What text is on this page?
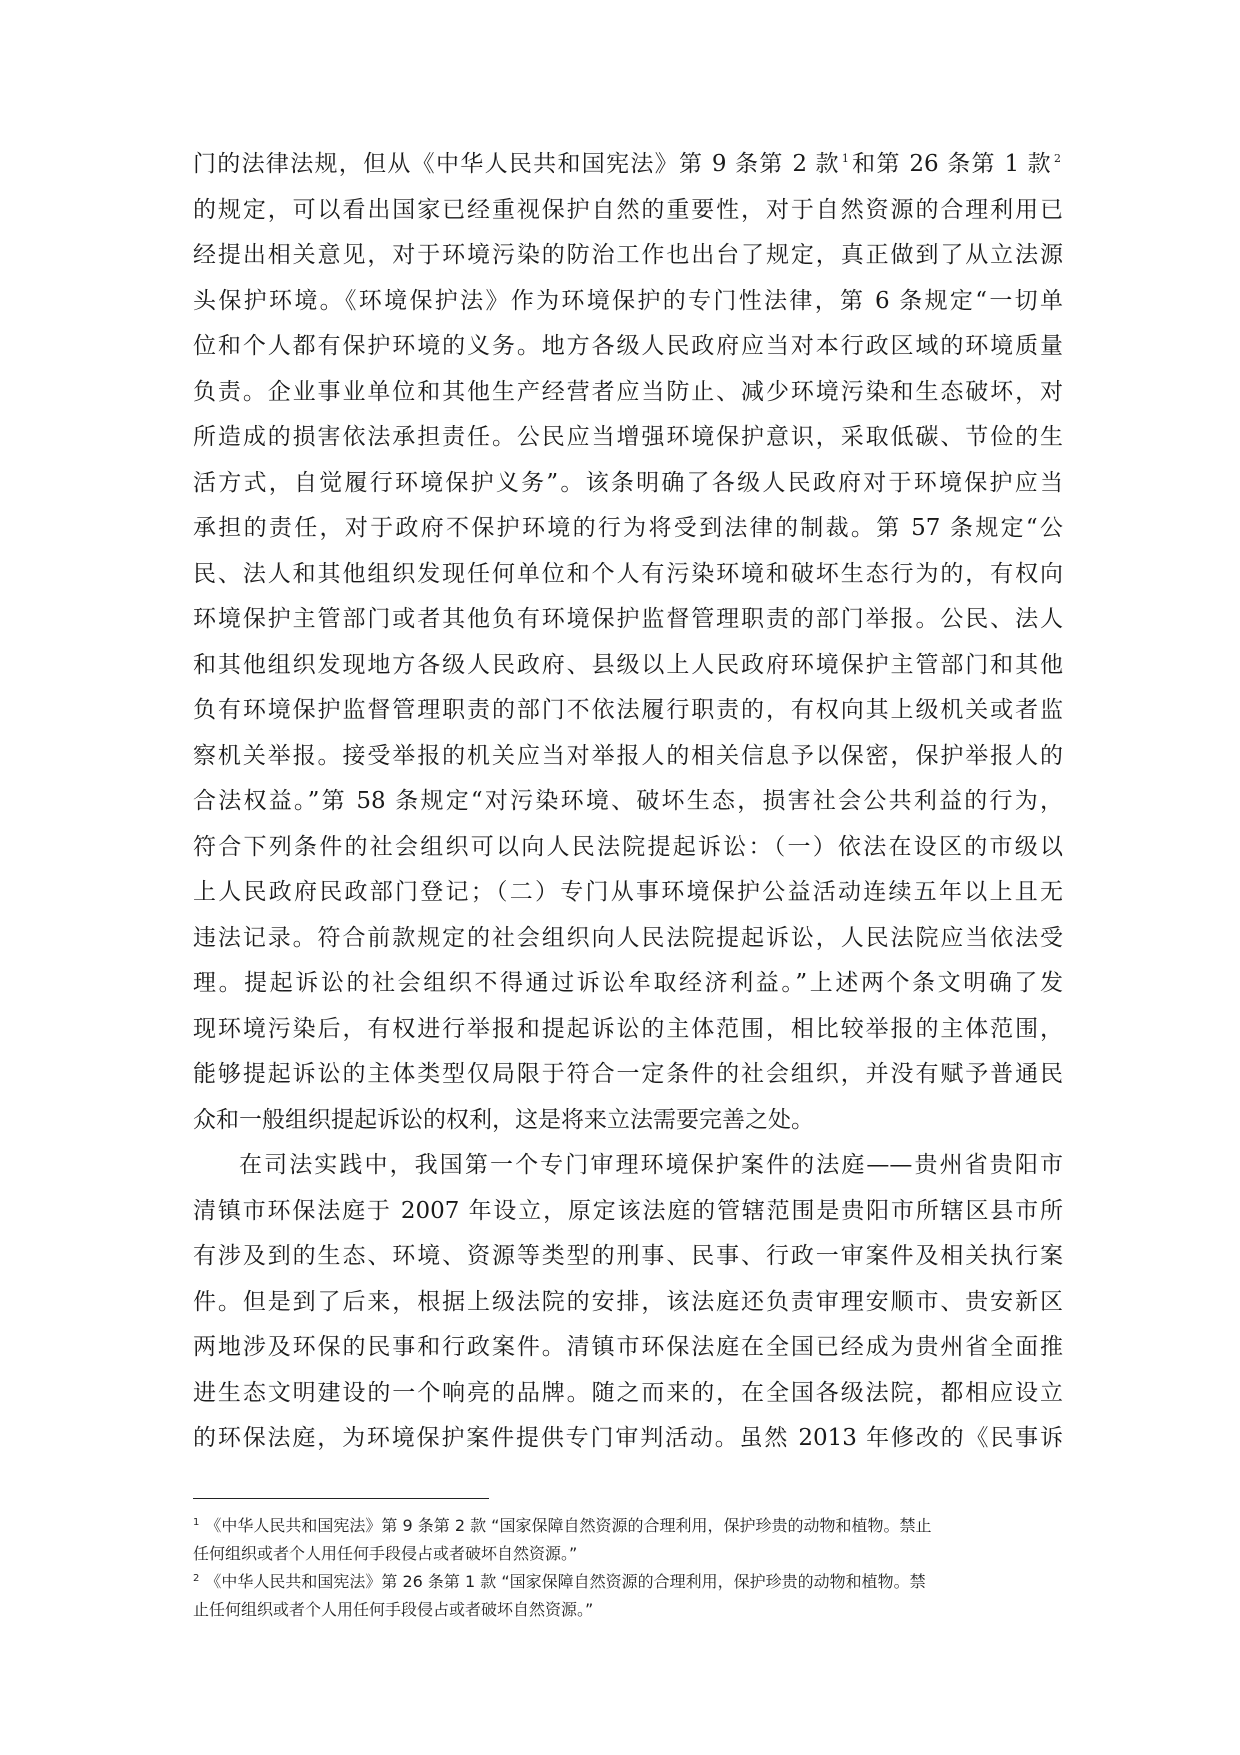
门的法律法规，但从《中华人民共和国宪法》第 9 条第 2 款 $^1$和第 26 条第 1 款 $^2$
的规定，可以看出国家已经重视保护自然的重要性，对于自然资源的合理利用已
经提出相关意见，对于环境污染的防治工作也出台了规定，真正做到了从立法源
头保护环境。《环境保护法》作为环境保护的专门性法律，第 6 条规定“一切单
位和个人都有保护环境的义务。地方各级人民政府应当对本行政区域的环境质量
负责。企业事业单位和其他生产经营者应当防止、减少环境污染和生态破坏，对
所造成的损害依法承担责任。公民应当增强环境保护意识，采取低碳、节俭的生
活方式，自觉履行环境保护义务”。该条明确了各级人民政府对于环境保护应当
承担的责任，对于政府不保护环境的行为将受到法律的制裁。第 57 条规定“公
民、法人和其他组织发现任何单位和个人有污染环境和破坏生态行为的，有权向
环境保护主管部门或者其他负有环境保护监督管理职责的部门举报。公民、法人
和其他组织发现地方各级人民政府、县级以上人民政府环境保护主管部门和其他
负有环境保护监督管理职责的部门不依法履行职责的，有权向其上级机关或者监
察机关举报。接受举报的机关应当对举报人的相关信息予以保密，保护举报人的
合法权益。”第 58 条规定“对污染环境、破坏生态，损害社会公共利益的行为，
符合下列条件的社会组织可以向人民法院提起诉讼：（一）依法在设区的市级以
上人民政府民政部门登记；（二）专门从事环境保护公益活动连续五年以上且无
违法记录。符合前款规定的社会组织向人民法院提起诉讼，人民法院应当依法受
理。提起诉讼的社会组织不得通过诉讼牟取经济利益。”上述两个条文明确了发
现环境污染后，有权进行举报和提起诉讼的主体范围，相比较举报的主体范围，
能够提起诉讼的主体类型仅局限于符合一定条件的社会组织，并没有赋予普通民
众和一般组织提起诉讼的权利，这是将来立法需要完善之处。
在司法实践中，我国第一个专门审理环境保护案件的法庭——贵州省贵阳市
清镇市环保法庭于 2007 年设立，原定该法庭的管辖范围是贵阳市所辖区县市所
有涉及到的生态、环境、资源等类型的刑事、民事、行政一审案件及相关执行案
件。但是到了后来，根据上级法院的安排，该法庭还负责审理安顺市、贵安新区
两地涉及环保的民事和行政案件。清镇市环保法庭在全国已经成为贵州省全面推
进生态文明建设的一个响亮的品牌。随之而来的，在全国各级法院，都相应设立
的环保法庭，为环境保护案件提供专门审判活动。虽然 2013 年修改的《民事诉
$^1$ 《中华人民共和国宪法》第 9 条第 2 款 “国家保障自然资源的合理利用，保护珍贵的动物和植物。禁止
任何组织或者个人用任何手段侵占或者破坏自然资源。”
$^2$ 《中华人民共和国宪法》第 26 条第 1 款 “国家保障自然资源的合理利用，保护珍贵的动物和植物。禁
止任何组织或者个人用任何手段侵占或者破坏自然资源。”
